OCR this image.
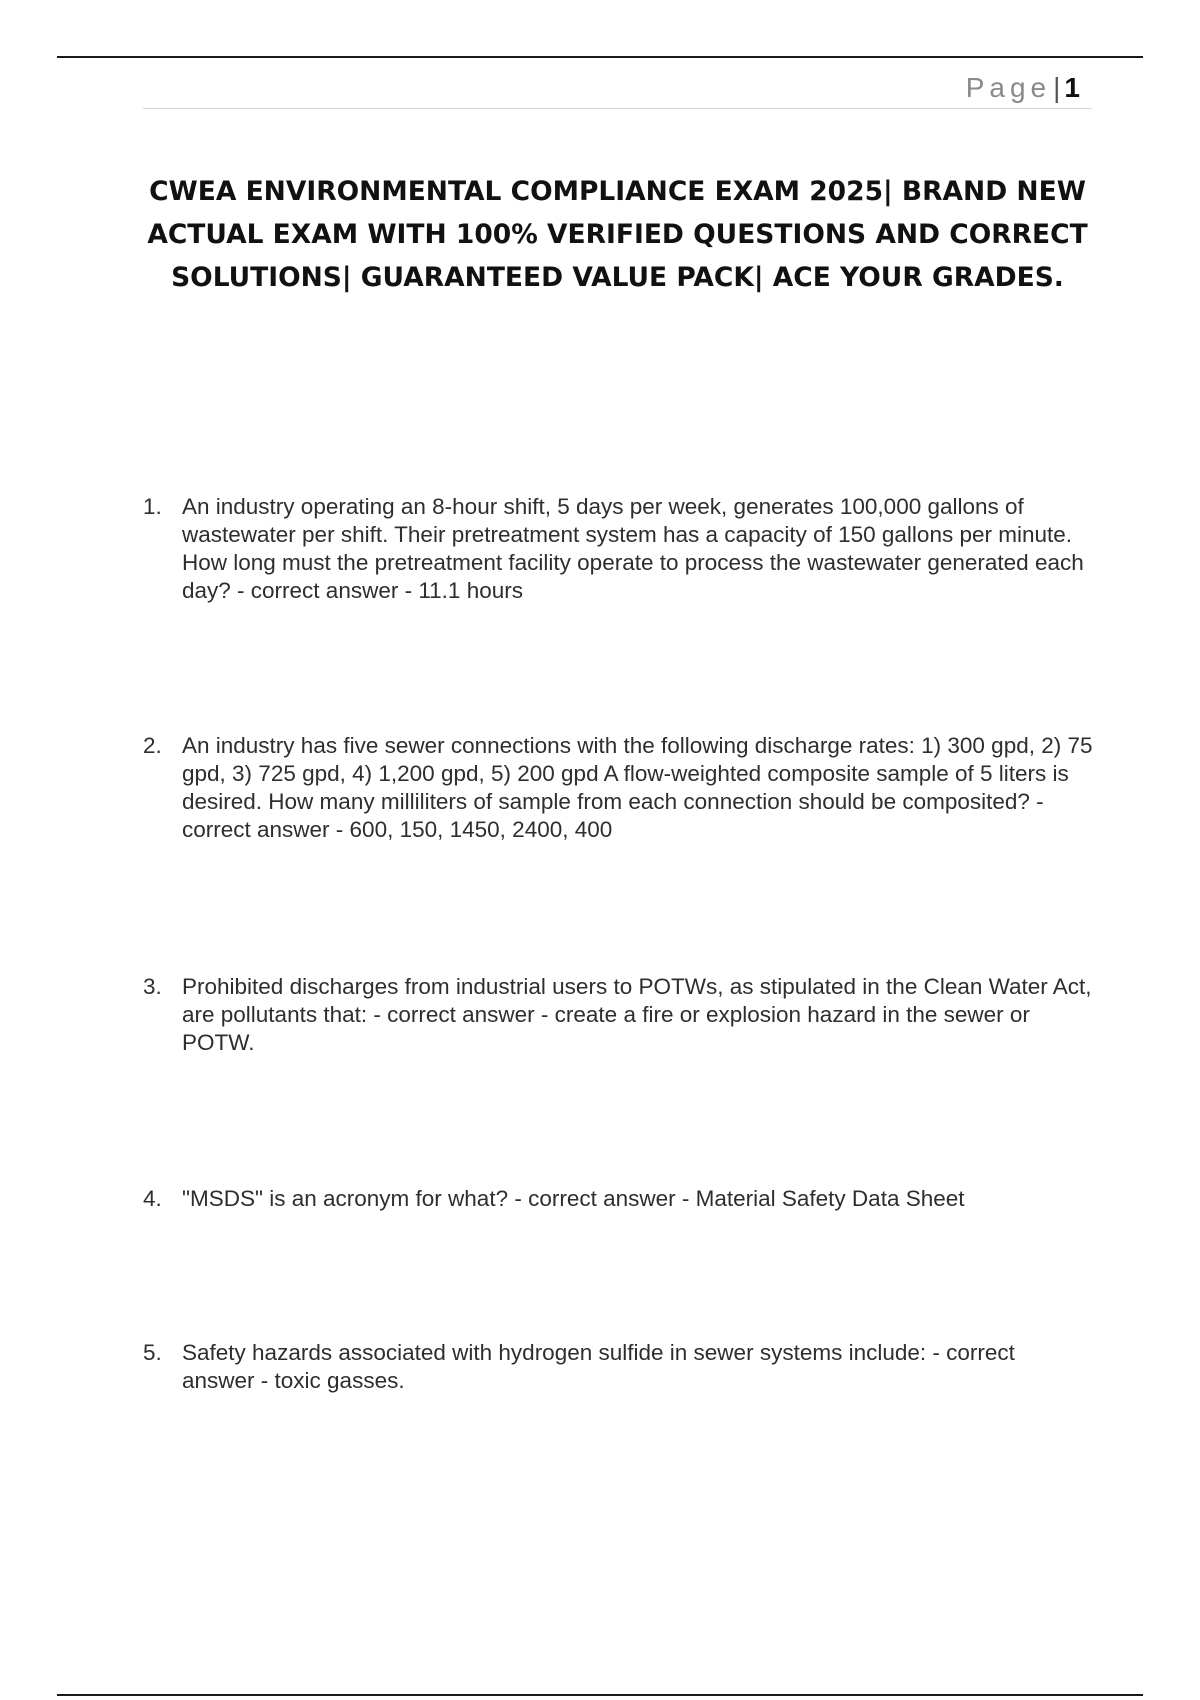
Page| 1
CWEA ENVIRONMENTAL COMPLIANCE EXAM 2025| BRAND NEW ACTUAL EXAM WITH 100% VERIFIED QUESTIONS AND CORRECT SOLUTIONS| GUARANTEED VALUE PACK| ACE YOUR GRADES.
1. An industry operating an 8-hour shift, 5 days per week, generates 100,000 gallons of wastewater per shift. Their pretreatment system has a capacity of 150 gallons per minute. How long must the pretreatment facility operate to process the wastewater generated each day? - correct answer - 11.1 hours
2. An industry has five sewer connections with the following discharge rates: 1) 300 gpd, 2) 75 gpd, 3) 725 gpd, 4) 1,200 gpd, 5) 200 gpd A flow-weighted composite sample of 5 liters is desired. How many milliliters of sample from each connection should be composited? - correct answer - 600, 150, 1450, 2400, 400
3. Prohibited discharges from industrial users to POTWs, as stipulated in the Clean Water Act, are pollutants that: - correct answer - create a fire or explosion hazard in the sewer or POTW.
4. "MSDS" is an acronym for what? - correct answer - Material Safety Data Sheet
5. Safety hazards associated with hydrogen sulfide in sewer systems include: - correct answer - toxic gasses.
